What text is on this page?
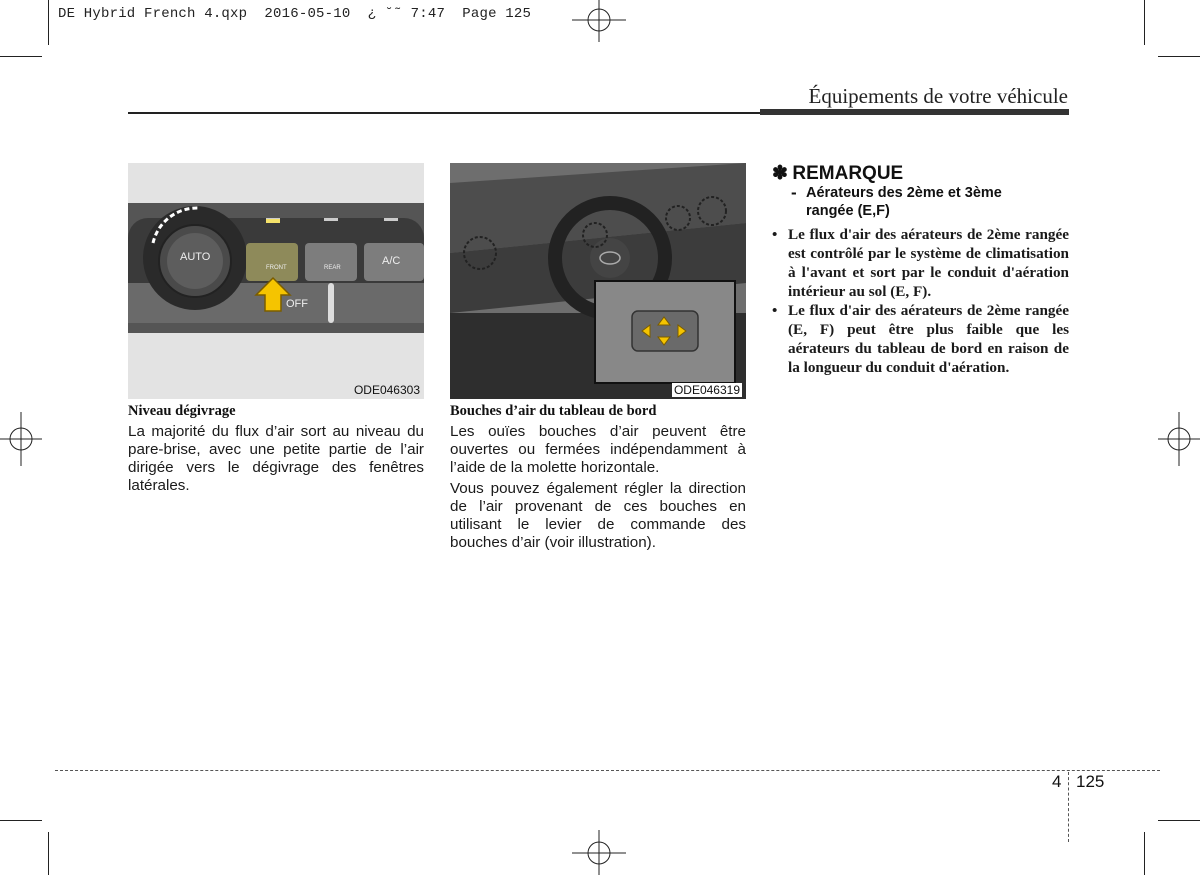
DE Hybrid French 4.qxp  2016-05-10  ¿ ˘˜ 7:47  Page 125
Équipements de votre véhicule
AUTO
FRONT	REAR
A/C
OFF
ODE046303
Niveau dégivrage
La majorité du flux d’air sort au niveau du pare-brise, avec une petite partie de l’air dirigée vers le dégivrage des fenêtres latérales.
ODE046319
Bouches d’air du tableau de bord
Les ouïes bouches d’air peuvent être ouvertes ou fermées indépendamment à l’aide de la molette horizontale.
Vous pouvez également régler la direction de l’air provenant de ces bouches en utilisant le levier de commande des bouches d’air (voir illustration).
✽ REMARQUE
- Aérateurs des 2ème et 3ème
rangée (E,F)
• Le flux d'air des aérateurs de 2ème rangée est contrôlé par le système de climatisation à l'avant et sort par le conduit d'aération intérieur au sol (E, F).
• Le flux d'air des aérateurs de 2ème rangée (E, F) peut être plus faible que les aérateurs du tableau de bord en raison de la longueur du conduit d'aération.
4 125
